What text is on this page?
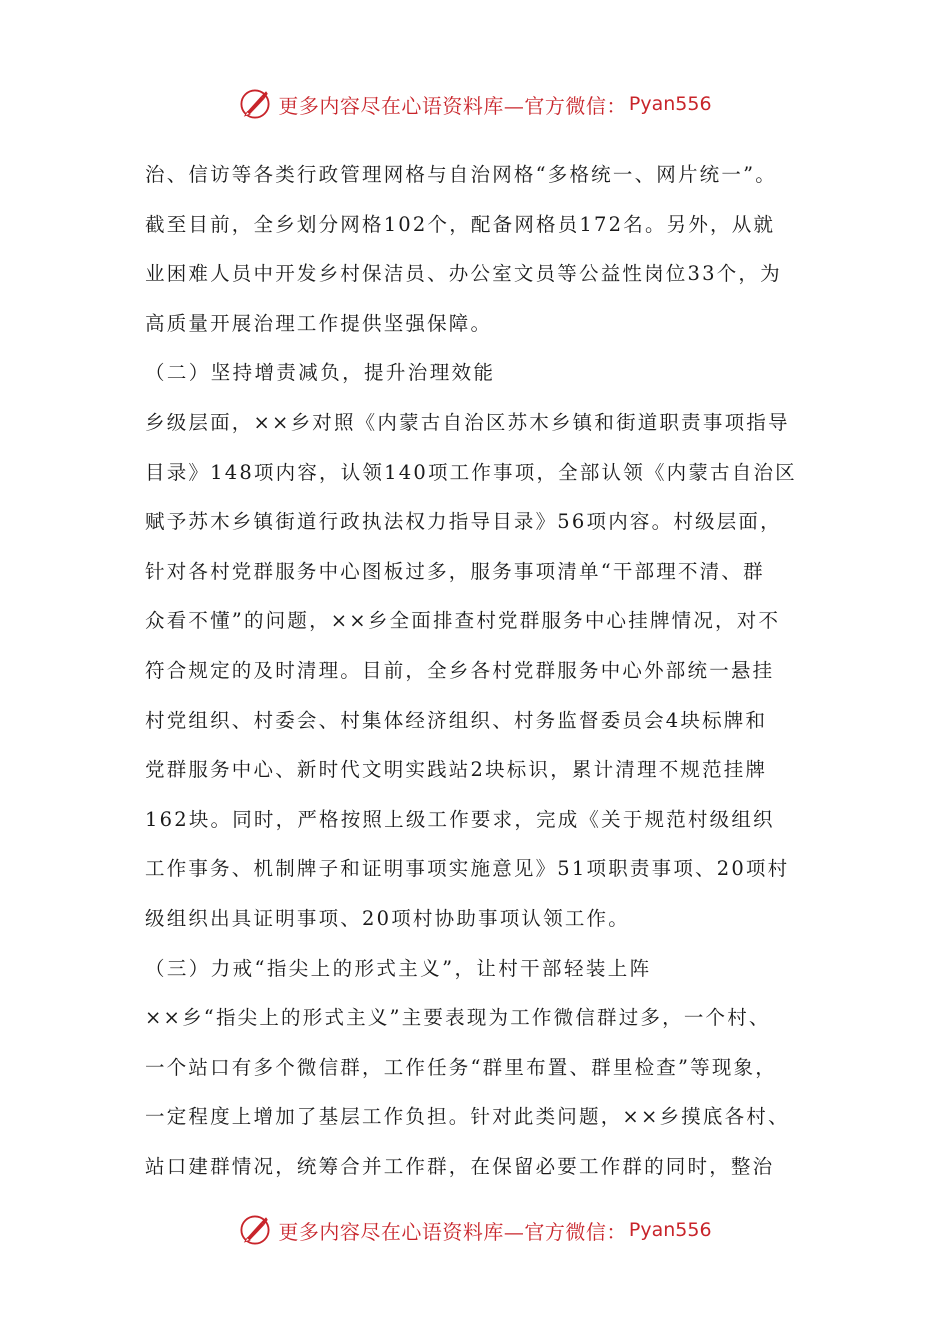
更多内容尽在心语资料库—官方微信： Pyan556
治、信访等各类行政管理网格与自治网格“多格统一、网片统一”。
截至目前，全乡划分网格102个，配备网格员172名。另外，从就
业困难人员中开发乡村保洁员、办公室文员等公益性岗位33个，为
高质量开展治理工作提供坚强保障。
（二）坚持增责减负，提升治理效能
乡级层面，××乡对照《内蒙古自治区苏木乡镇和街道职责事项指导
目录》148项内容，认领140项工作事项，全部认领《内蒙古自治区
赋予苏木乡镇街道行政执法权力指导目录》56项内容。村级层面，
针对各村党群服务中心图板过多，服务事项清单“干部理不清、群
众看不懂”的问题，××乡全面排查村党群服务中心挂牌情况，对不
符合规定的及时清理。目前，全乡各村党群服务中心外部统一悬挂
村党组织、村委会、村集体经济组织、村务监督委员会4块标牌和
党群服务中心、新时代文明实践站2块标识，累计清理不规范挂牌
162块。同时，严格按照上级工作要求，完成《关于规范村级组织
工作事务、机制牌子和证明事项实施意见》51项职责事项、20项村
级组织出具证明事项、20项村协助事项认领工作。
（三）力戒“指尖上的形式主义”，让村干部轻装上阵
××乡“指尖上的形式主义”主要表现为工作微信群过多，一个村、
一个站口有多个微信群，工作任务“群里布置、群里检查”等现象，
一定程度上增加了基层工作负担。针对此类问题，××乡摸底各村、
站口建群情况，统筹合并工作群，在保留必要工作群的同时，整治
更多内容尽在心语资料库—官方微信： Pyan556
